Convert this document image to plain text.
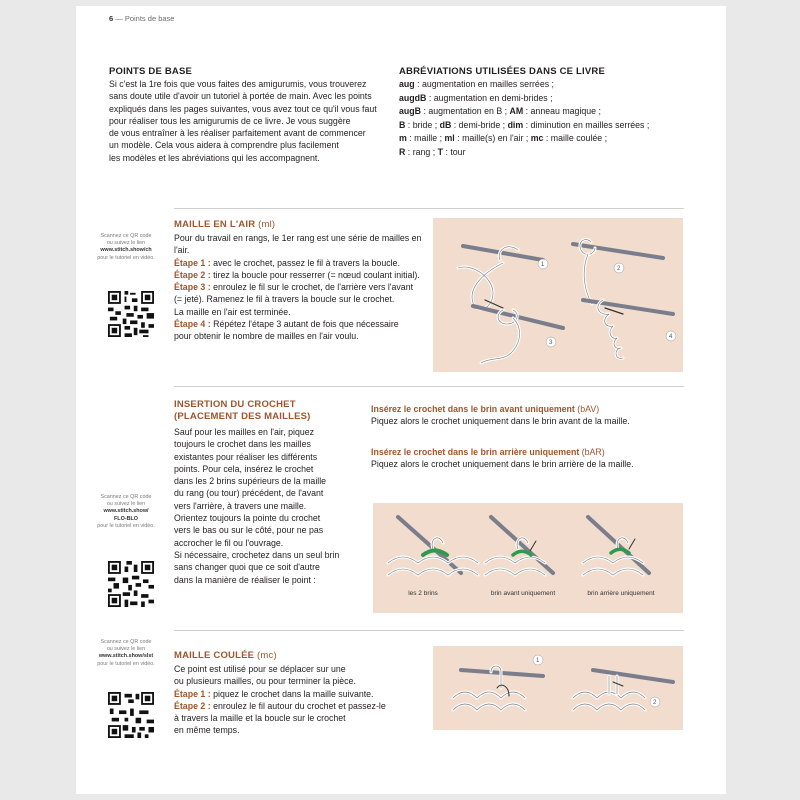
6 — Points de base
POINTS DE BASE
Si c'est la 1re fois que vous faites des amigurumis, vous trouverez
sans doute utile d'avoir un tutoriel à portée de main. Avec les points
expliqués dans les pages suivantes, vous avez tout ce qu'il vous faut
pour réaliser tous les amigurumis de ce livre. Je vous suggère
de vous entraîner à les réaliser parfaitement avant de commencer
un modèle. Cela vous aidera à comprendre plus facilement
les modèles et les abréviations qui les accompagnent.
ABRÉVIATIONS UTILISÉES DANS CE LIVRE
aug : augmentation en mailles serrées ;
augdB : augmentation en demi-brides ;
augB : augmentation en B ; AM : anneau magique ;
B : bride ; dB : demi-bride ; dim : diminution en mailles serrées ;
m : maille ; ml : maille(s) en l'air ; mc : maille coulée ;
R : rang ; T : tour
Scannez ce QR code
ou suivez le lien
www.stitch.show/ch
pour le tutoriel en vidéo.
MAILLE EN L'AIR (ml)
Pour du travail en rangs, le 1er rang est une série de mailles en l'air.
Étape 1 : avec le crochet, passez le fil à travers la boucle.
Étape 2 : tirez la boucle pour resserrer (= nœud coulant initial).
Étape 3 : enroulez le fil sur le crochet, de l'arrière vers l'avant
(= jeté). Ramenez le fil à travers la boucle sur le crochet.
La maille en l'air est terminée.
Étape 4 : Répétez l'étape 3 autant de fois que nécessaire
pour obtenir le nombre de mailles en l'air voulu.
1
2
3
4
Scannez ce QR code
ou suivez le lien
www.stitch.show/
FLO-BLO
pour le tutoriel en vidéo.
INSERTION DU CROCHET
(PLACEMENT DES MAILLES)
Sauf pour les mailles en l'air, piquez
toujours le crochet dans les mailles
existantes pour réaliser les différents
points. Pour cela, insérez le crochet
dans les 2 brins supérieurs de la maille
du rang (ou tour) précédent, de l'avant
vers l'arrière, à travers une maille.
Orientez toujours la pointe du crochet
vers le bas ou sur le côté, pour ne pas
accrocher le fil ou l'ouvrage.
Si nécessaire, crochetez dans un seul brin
sans changer quoi que ce soit d'autre
dans la manière de réaliser le point :
Insérez le crochet dans le brin avant uniquement (bAV)
Piquez alors le crochet uniquement dans le brin avant de la maille.
Insérez le crochet dans le brin arrière uniquement (bAR)
Piquez alors le crochet uniquement dans le brin arrière de la maille.
les 2 brins	brin avant uniquement	brin arrière uniquement
Scannez ce QR code
ou suivez le lien
www.stitch.show/slst
pour le tutoriel en vidéo.
MAILLE COULÉE (mc)
Ce point est utilisé pour se déplacer sur une
ou plusieurs mailles, ou pour terminer la pièce.
Étape 1 : piquez le crochet dans la maille suivante.
Étape 2 : enroulez le fil autour du crochet et passez-le
à travers la maille et la boucle sur le crochet
en même temps.
1
2
